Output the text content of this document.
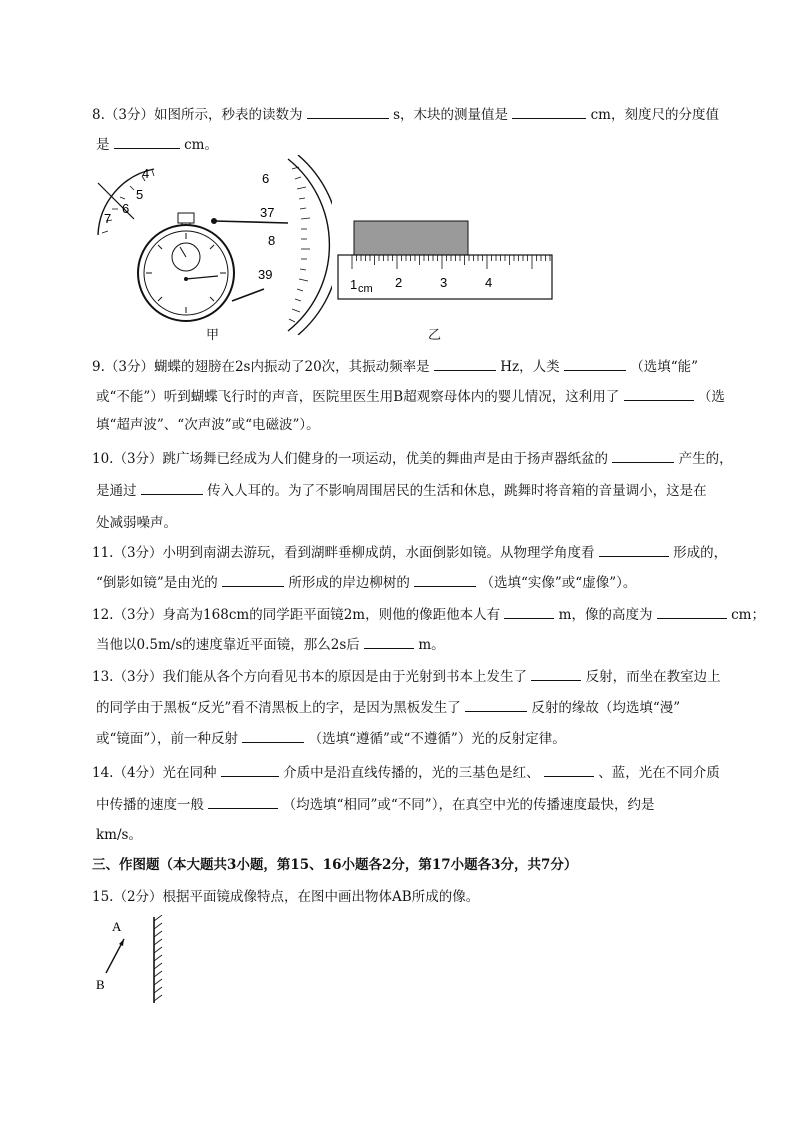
8.（3分）如图所示，秒表的读数为	s，木块的测量值是	cm，刻度尺的分度值
是	cm。
4
5
6
7
6
37
8
39
甲
1 cm 2	3	4
乙
9.（3分）蝴蝶的翅膀在2s内振动了20次，其振动频率是	Hz，人类	（选填“能”
或“不能”）听到蝴蝶飞行时的声音，医院里医生用B超观察母体内的婴儿情况，这利用了	（选
填“超声波”、“次声波”或“电磁波”）。
10.（3分）跳广场舞已经成为人们健身的一项运动，优美的舞曲声是由于扬声器纸盆的	产生的，
是通过	传入人耳的。为了不影响周围居民的生活和休息，跳舞时将音箱的音量调小，这是在
处减弱噪声。
11.（3分）小明到南湖去游玩，看到湖畔垂柳成荫，水面倒影如镜。从物理学角度看	形成的，
“倒影如镜”是由光的	所形成的岸边柳树的	（选填“实像”或“虚像”）。
12.（3分）身高为168cm的同学距平面镜2m，则他的像距他本人有	m，像的高度为	cm；
当他以0.5m/s的速度靠近平面镜，那么2s后	m。
13.（3分）我们能从各个方向看见书本的原因是由于光射到书本上发生了	反射，而坐在教室边上
的同学由于黑板“反光”看不清黑板上的字，是因为黑板发生了	反射的缘故（均选填“漫”
或“镜面”），前一种反射	（选填“遵循”或“不遵循”）光的反射定律。
14.（4分）光在同种	介质中是沿直线传播的，光的三基色是红、	、蓝，光在不同介质
中传播的速度一般	（均选填“相同”或“不同”），在真空中光的传播速度最快，约是
km/s。
三、作图题（本大题共3小题，第15、16小题各2分，第17小题各3分，共7分）
15.（2分）根据平面镜成像特点，在图中画出物体AB所成的像。
A
B
